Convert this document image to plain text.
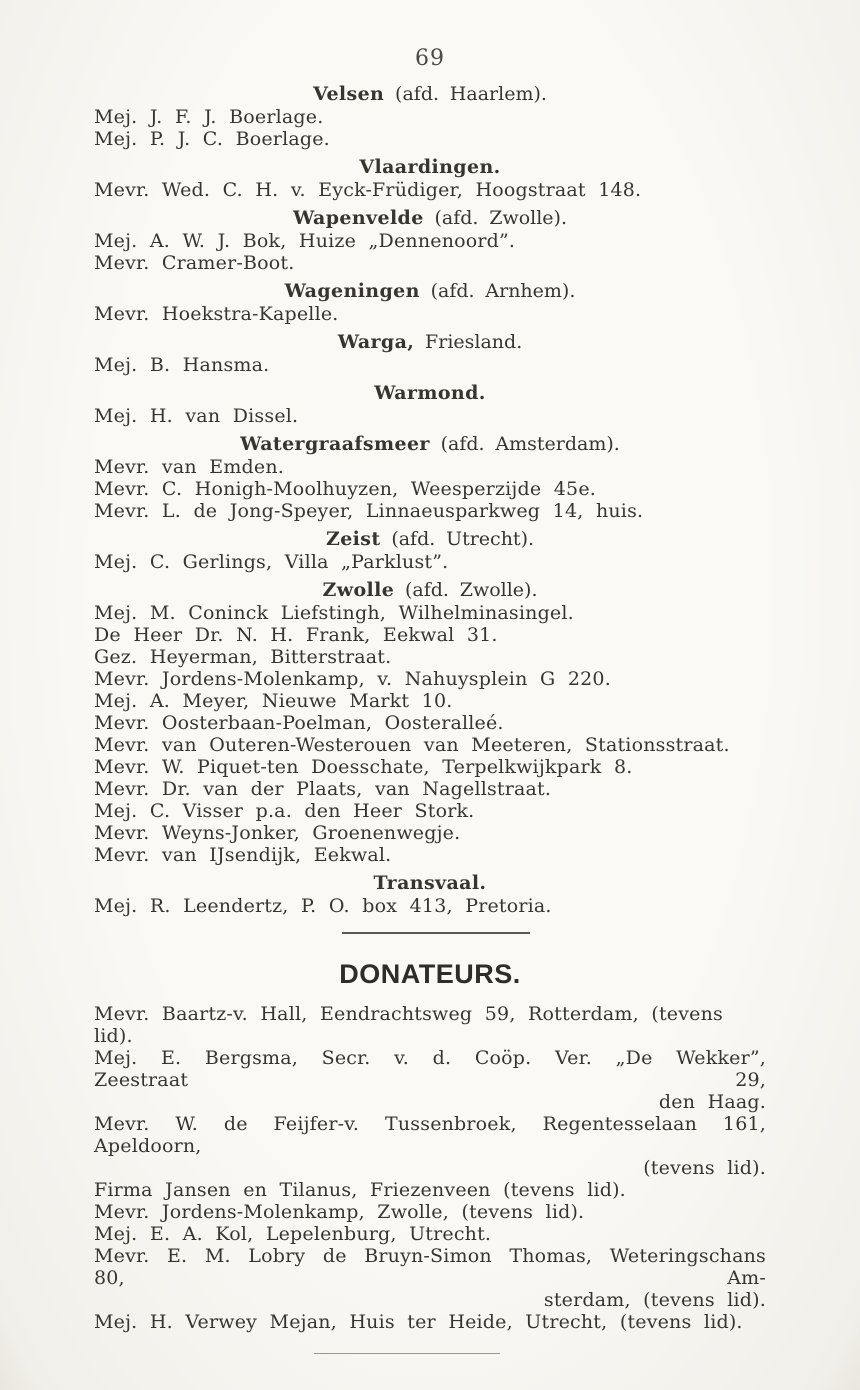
69

Velsen (afd. Haarlem).

Mej. J. F. J. Boerlage.

Mej. P. J. C. Boerlage.

Vlaardingen.

Mevr. Wed. C. H. v. Eyck-Früdiger, Hoogstraat 148.

Wapenvelde (afd. Zwolle).

Mej. A. W. J. Bok, Huize „Dennenoord”.

Mevr. Cramer-Boot.

Wageningen (afd. Arnhem).

Mevr. Hoekstra-Kapelle.

Warga, Friesland.

Mej. B. Hansma.

Warmond.

Mej. H. van Dissel.

Watergraafsmeer (afd. Amsterdam).

Mevr. van Emden.

Mevr. C. Honigh-Moolhuyzen, Weesperzijde 45e.

Mevr. L. de Jong-Speyer, Linnaeusparkweg 14, huis.

Zeist (afd. Utrecht).

Mej. C. Gerlings, Villa „Parklust”.

Zwolle (afd. Zwolle).

Mej. M. Coninck Liefstingh, Wilhelminasingel.

De Heer Dr. N. H. Frank, Eekwal 31.

Gez. Heyerman, Bitterstraat.

Mevr. Jordens-Molenkamp, v. Nahuysplein G 220.

Mej. A. Meyer, Nieuwe Markt 10.

Mevr. Oosterbaan-Poelman, Oosteralleé.

Mevr. van Outeren-Westerouen van Meeteren, Stationsstraat.

Mevr. W. Piquet-ten Doesschate, Terpelkwijkpark 8.

Mevr. Dr. van der Plaats, van Nagellstraat.

Mej. C. Visser p.a. den Heer Stork.

Mevr. Weyns-Jonker, Groenenwegje.

Mevr. van IJsendijk, Eekwal.

Transvaal.

Mej. R. Leendertz, P. O. box 413, Pretoria.

DONATEURS.

Mevr. Baartz-v. Hall, Eendrachtsweg 59, Rotterdam, (tevens lid).

Mej. E. Bergsma, Secr. v. d. Coöp. Ver. „De Wekker”, Zeestraat 29,

den Haag.

Mevr. W. de Feijfer-v. Tussenbroek, Regentesselaan 161, Apeldoorn,

(tevens lid).

Firma Jansen en Tilanus, Friezenveen (tevens lid).

Mevr. Jordens-Molenkamp, Zwolle, (tevens lid).

Mej. E. A. Kol, Lepelenburg, Utrecht.

Mevr. E. M. Lobry de Bruyn-Simon Thomas, Weteringschans 80, Am-

sterdam, (tevens lid).

Mej. H. Verwey Mejan, Huis ter Heide, Utrecht, (tevens lid).
